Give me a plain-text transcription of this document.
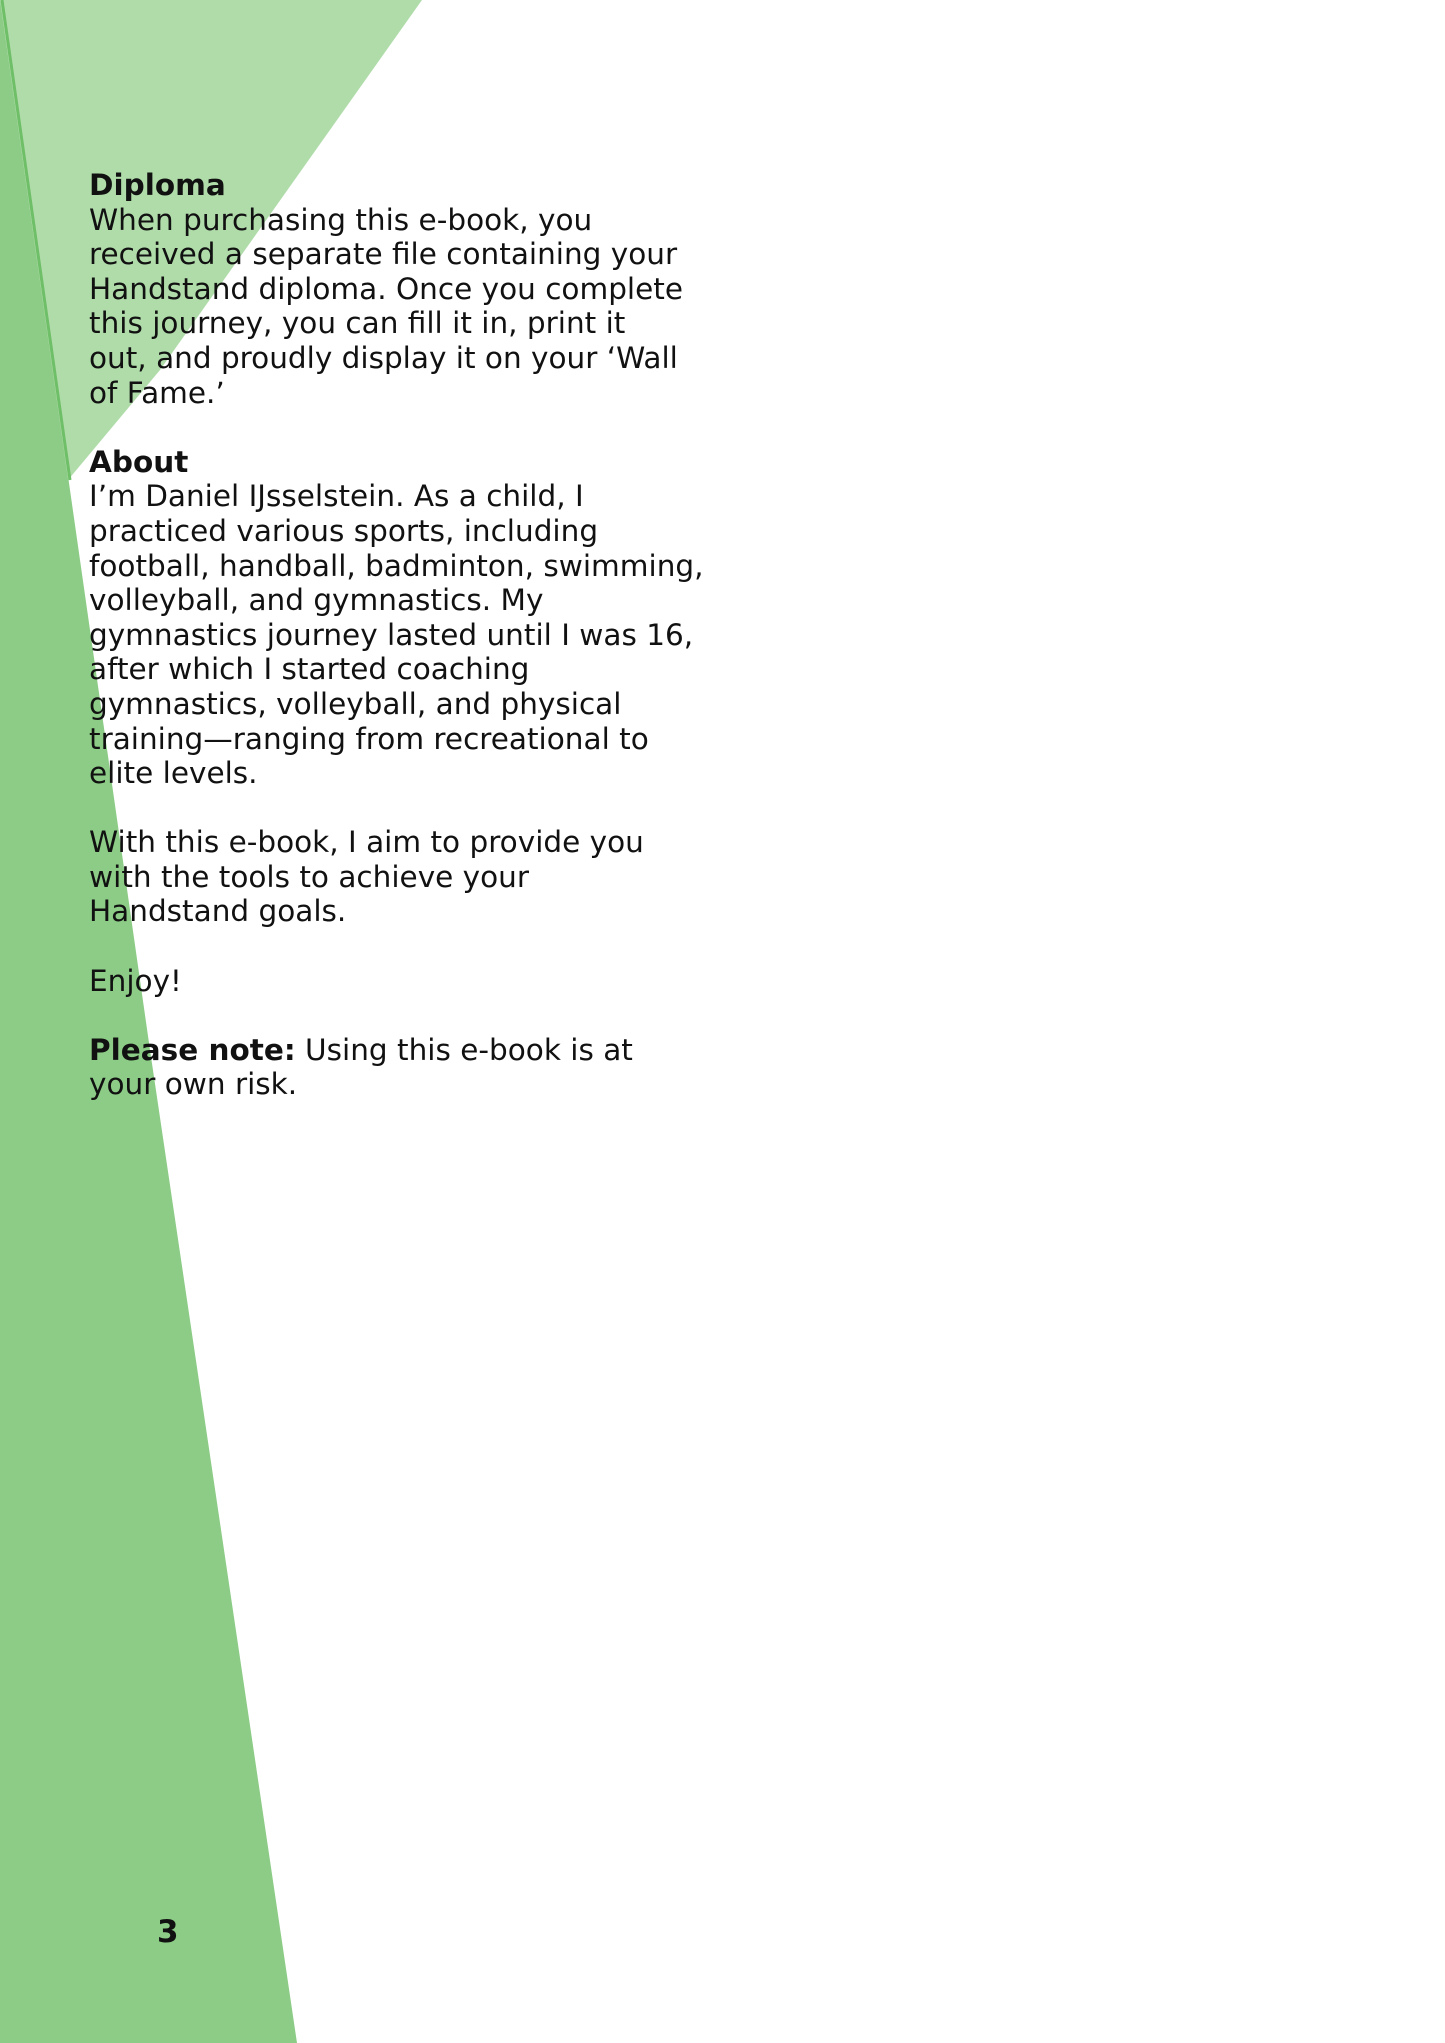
Diploma
When purchasing this e-book, you
received a separate file containing your
Handstand diploma. Once you complete
this journey, you can fill it in, print it
out, and proudly display it on your ‘Wall
of Fame.’
About
I’m Daniel IJsselstein. As a child, I
practiced various sports, including
football, handball, badminton, swimming,
volleyball, and gymnastics. My
gymnastics journey lasted until I was 16,
after which I started coaching
gymnastics, volleyball, and physical
training—ranging from recreational to
elite levels.
With this e-book, I aim to provide you
with the tools to achieve your
Handstand goals.
Enjoy!
Please note: Using this e-book is at
your own risk.
3
